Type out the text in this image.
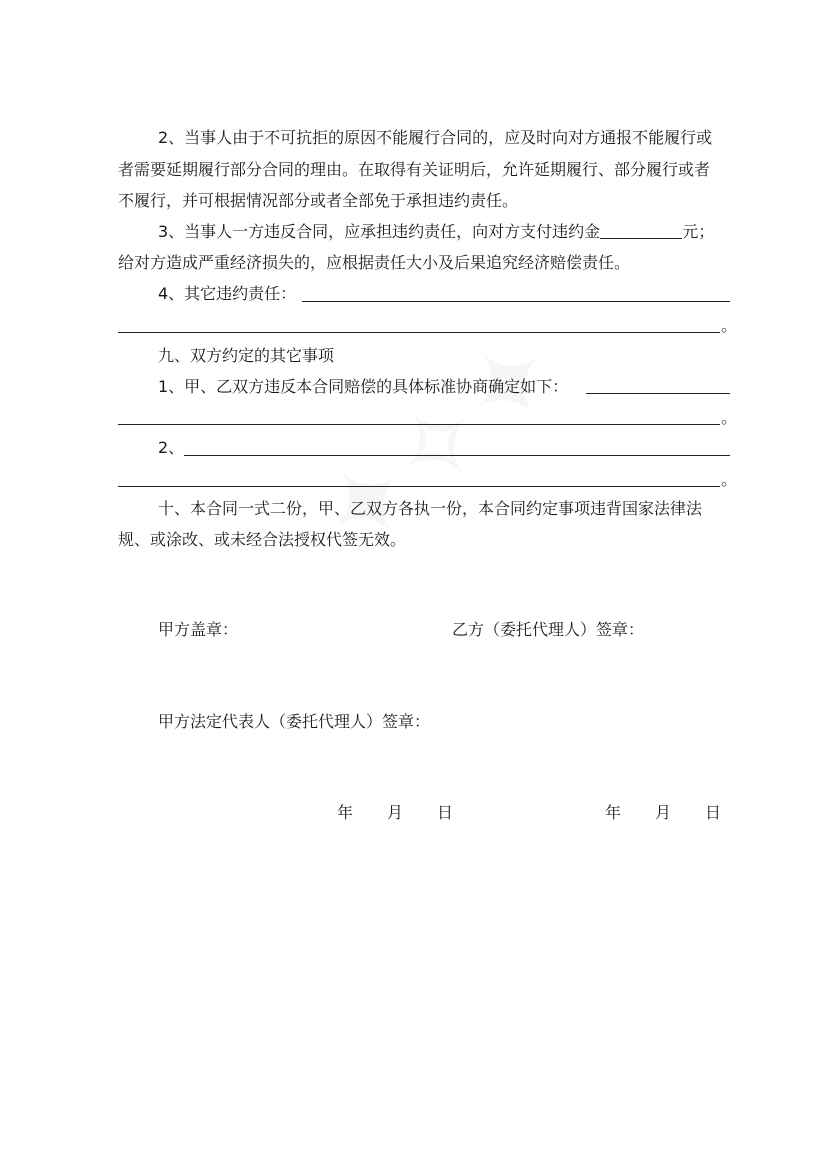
2、当事人由于不可抗拒的原因不能履行合同的，应及时向对方通报不能履行或
者需要延期履行部分合同的理由。在取得有关证明后，允许延期履行、部分履行或者
不履行，并可根据情况部分或者全部免于承担违约责任。
3、当事人一方违反合同，应承担违约责任，向对方支付违约金	元；
给对方造成严重经济损失的，应根据责任大小及后果追究经济赔偿责任。
4、其它违约责任：
。
九、双方约定的其它事项
1、甲、乙双方违反本合同赔偿的具体标准协商确定如下：
。
2、
。
十、本合同一式二份，甲、乙双方各执一份，本合同约定事项违背国家法律法
规、或涂改、或未经合法授权代签无效。
甲方盖章：	乙方（委托代理人）签章：
甲方法定代表人（委托代理人）签章：
年 月 日	年 月 日
